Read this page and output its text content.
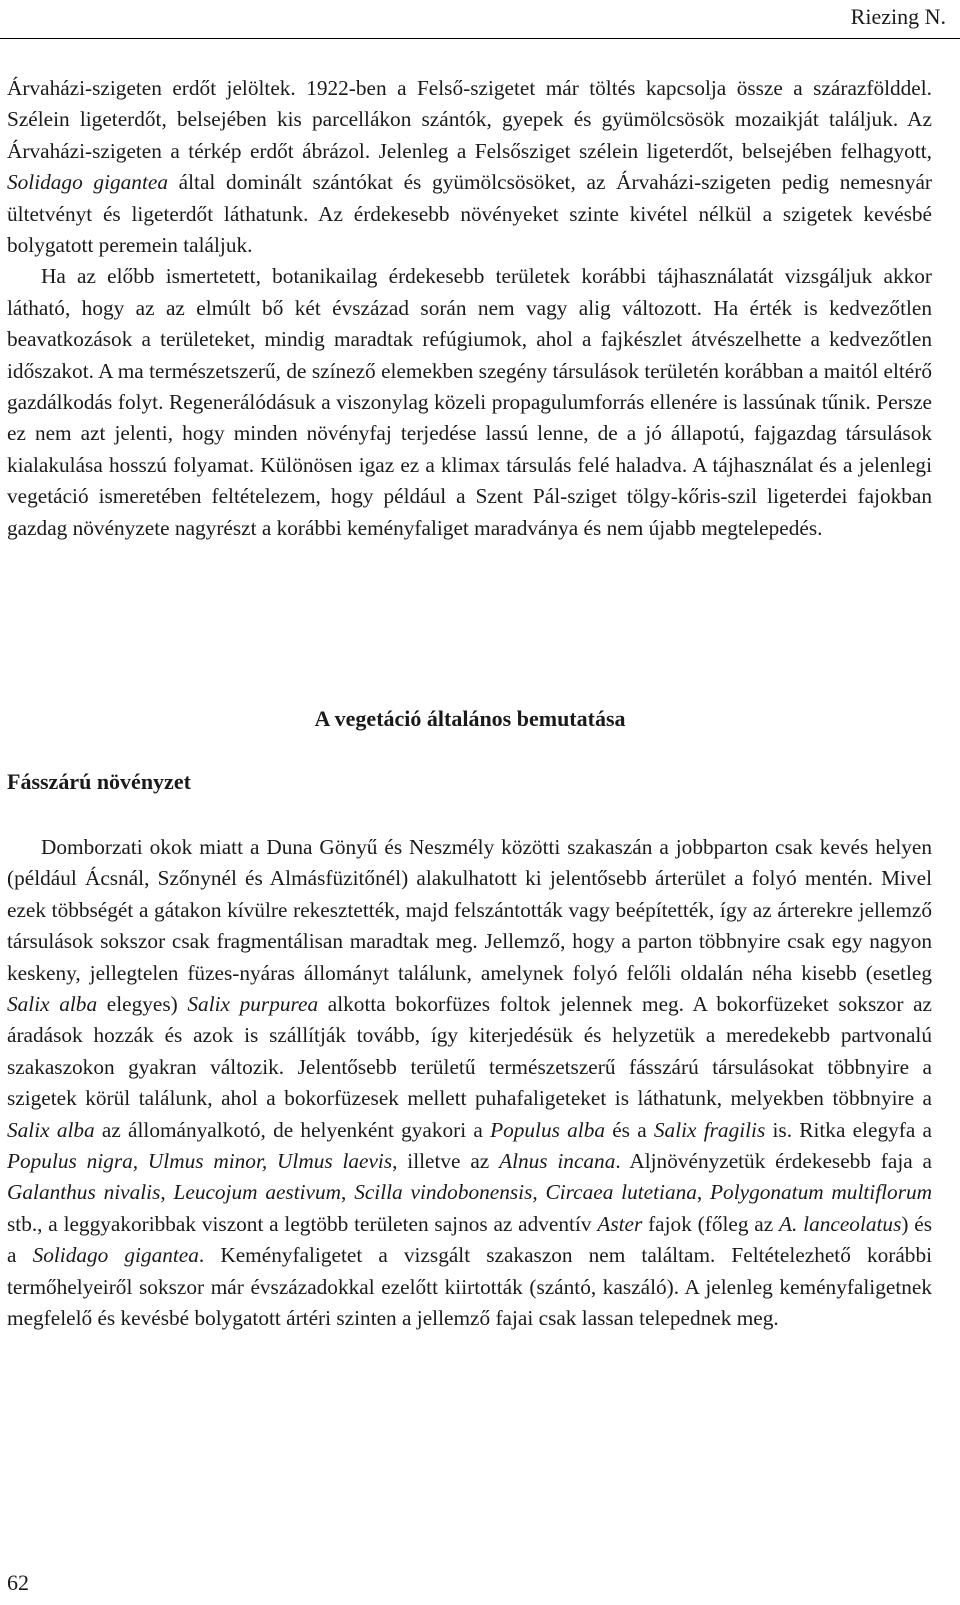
Riezing N.

Árvaházi-szigeten erdőt jelöltek. 1922-ben a Felső-szigetet már töltés kapcsolja össze a szárazfölddel. Szélein ligeterdőt, belsejében kis parcellákon szántók, gyepek és gyümölcsösök mozaikját találjuk. Az Árvaházi-szigeten a térkép erdőt ábrázol. Jelenleg a Felsősziget szélein ligeterdőt, belsejében felhagyott, Solidago gigantea által dominált szántókat és gyümölcsösöket, az Árvaházi-szigeten pedig nemesnyár ültetvényt és ligeterdőt láthatunk. Az érdekesebb növényeket szinte kivétel nélkül a szigetek kevésbé bolygatott peremein találjuk.

Ha az előbb ismertetett, botanikailag érdekesebb területek korábbi tájhasználatát vizsgáljuk akkor látható, hogy az az elmúlt bő két évszázad során nem vagy alig változott. Ha érték is kedvezőtlen beavatkozások a területeket, mindig maradtak refúgiumok, ahol a fajkészlet átvészelhette a kedvezőtlen időszakot. A ma természetszerű, de színező elemekben szegény társulások területén korábban a maitól eltérő gazdálkodás folyt. Regenerálódásuk a viszonylag közeli propagulumforrás ellenére is lassúnak tűnik. Persze ez nem azt jelenti, hogy minden növényfaj terjedése lassú lenne, de a jó állapotú, fajgazdag társulások kialakulása hosszú folyamat. Különösen igaz ez a klimax társulás felé haladva. A tájhasználat és a jelenlegi vegetáció ismeretében feltételezem, hogy például a Szent Pál-sziget tölgy-kőris-szil ligeterdei fajokban gazdag növényzete nagyrészt a korábbi keményfaliget maradványa és nem újabb megtelepedés.

A vegetáció általános bemutatása
Fásszárú növényzet

Domborzati okok miatt a Duna Gönyű és Neszmély közötti szakaszán a jobbparton csak kevés helyen (például Ácsnál, Szőnynél és Almásfüzitőnél) alakulhatott ki jelentősebb árterület a folyó mentén. Mivel ezek többségét a gátakon kívülre rekesztették, majd felszántották vagy beépítették, így az árterekre jellemző társulások sokszor csak fragmentálisan maradtak meg. Jellemző, hogy a parton többnyire csak egy nagyon keskeny, jellegtelen füzes-nyáras állományt találunk, amelynek folyó felőli oldalán néha kisebb (esetleg Salix alba elegyes) Salix purpurea alkotta bokorfüzes foltok jelennek meg. A bokorfüzeket sokszor az áradások hozzák és azok is szállítják tovább, így kiterjedésük és helyzetük a meredekebb partvonalú szakaszokon gyakran változik. Jelentősebb területű természetszerű fásszárú társulásokat többnyire a szigetek körül találunk, ahol a bokorfüzesek mellett puhafaligeteket is láthatunk, melyekben többnyire a Salix alba az állományalkotó, de helyenként gyakori a Populus alba és a Salix fragilis is. Ritka elegyfa a Populus nigra, Ulmus minor, Ulmus laevis, illetve az Alnus incana. Aljnövényzetük érdekesebb faja a Galanthus nivalis, Leucojum aestivum, Scilla vindobonensis, Circaea lutetiana, Polygonatum multiflorum stb., a leggyakoribbak viszont a legtöbb területen sajnos az adventív Aster fajok (főleg az A. lanceolatus) és a Solidago gigantea. Keményfaligetet a vizsgált szakaszon nem találtam. Feltételezhető korábbi termőhelyeiről sokszor már évszázadokkal ezelőtt kiirtották (szántó, kaszáló). A jelenleg keményfaligetnek megfelelő és kevésbé bolygatott ártéri szinten a jellemző fajai csak lassan telepednek meg.

62
